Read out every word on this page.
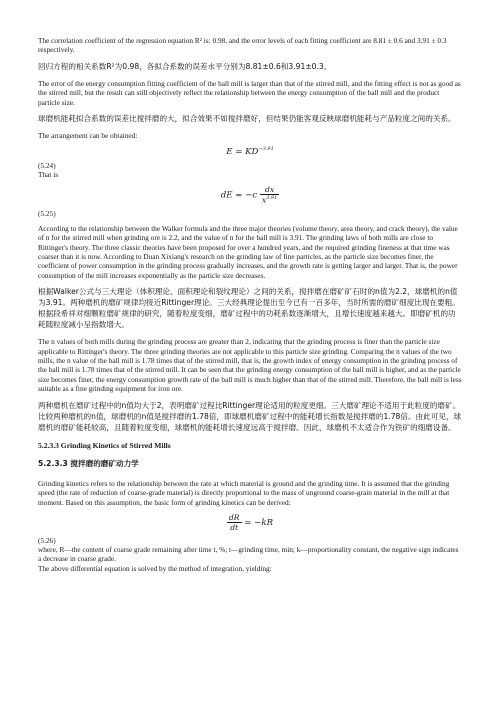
The correlation coefficient of the regression equation R² is: 0.98, and the error levels of each fitting coefficient are 8.81 ± 0.6 and 3.91 ± 0.3 respectively.

回归方程的相关系数R²为0.98，各拟合系数的误差水平分别为8.81±0.6和3.91±0.3。

The error of the energy consumption fitting coefficient of the ball mill is larger than that of the stirred mill, and the fitting effect is not as good as the stirred mill, but the result can still objectively reflect the relationship between the energy consumption of the ball mill and the product particle size.

球磨机能耗拟合系数的误差比搅拌磨的大，拟合效果不如搅拌磨好，但结果仍能客观反映球磨机能耗与产品粒度之间的关系。

The arrangement can be obtained:

$E = KD^{-3.91}$

(5.24)

That is

dE = $-c \frac{dx}{x^{3.91}}$

(5.25)

According to the relationship between the Walker formula and the three major theories (volume theory, area theory, and crack theory), the value of n for the stirred mill when grinding ore is 2.2, and the value of n for the ball mill is 3.91. The grinding laws of both mills are close to Rittinger's theory. The three classic theories have been proposed for over a hundred years, and the required grinding fineness at that time was coarser than it is now. According to Duan Xixiang's research on the grinding law of fine particles, as the particle size becomes finer, the coefficient of power consumption in the grinding process gradually increases, and the growth rate is getting larger and larger. That is, the power consumption of the mill increases exponentially as the particle size decreases.

根据Walker公式与三大理论（体积理论、面积理论和裂纹理论）之间的关系，搅拌磨在磨矿矿石时的n值为2.2，球磨机的n值为3.91。两种磨机的磨矿规律均接近Rittinger理论。三大经典理论提出至今已有一百多年，当时所需的磨矿细度比现在要粗。根据段希祥对细颗粒磨矿规律的研究，随着粒度变细，磨矿过程中的功耗系数逐渐增大，且增长速度越来越大。即磨矿机的功耗随粒度减小呈指数增大。

The n values of both mills during the grinding process are greater than 2, indicating that the grinding process is finer than the particle size applicable to Rittinger's theory. The three grinding theories are not applicable to this particle size grinding. Comparing the n values of the two mills, the n value of the ball mill is 1.78 times that of the stirred mill, that is, the growth index of energy consumption in the grinding process of the ball mill is 1.78 times that of the stirred mill. It can be seen that the grinding energy consumption of the ball mill is higher, and as the particle size becomes finer, the energy consumption growth rate of the ball mill is much higher than that of the stirred mill. Therefore, the ball mill is less suitable as a fine grinding equipment for iron ore.

两种磨机在磨矿过程中的n值均大于2，表明磨矿过程比Rittinger理论适用的粒度更细。三大磨矿理论不适用于此粒度的磨矿。比较两种磨机的n值，球磨机的n值是搅拌磨的1.78倍，即球磨机磨矿过程中的能耗增长指数是搅拌磨的1.78倍。由此可见，球磨机的磨矿能耗较高，且随着粒度变细，球磨机的能耗增长速度远高于搅拌磨。因此，球磨机不太适合作为铁矿的细磨设备。

5.2.3.3 Grinding Kinetics of Stirred Mills
5.2.3.3 搅拌磨的磨矿动力学

Grinding kinetics refers to the relationship between the rate at which material is ground and the grinding time. It is assumed that the grinding speed (the rate of reduction of coarse-grade material) is directly proportional to the mass of unground coarse-grain material in the mill at that moment. Based on this assumption, the basic form of grinding kinetics can be derived:

$\frac{dR}{dt} = -kR$

(5.26)

where, R—the content of coarse grade remaining after time t, %; t—grinding time, min; k—proportionality constant, the negative sign indicates a decrease in coarse grade.

The above differential equation is solved by the method of integration, yielding:
